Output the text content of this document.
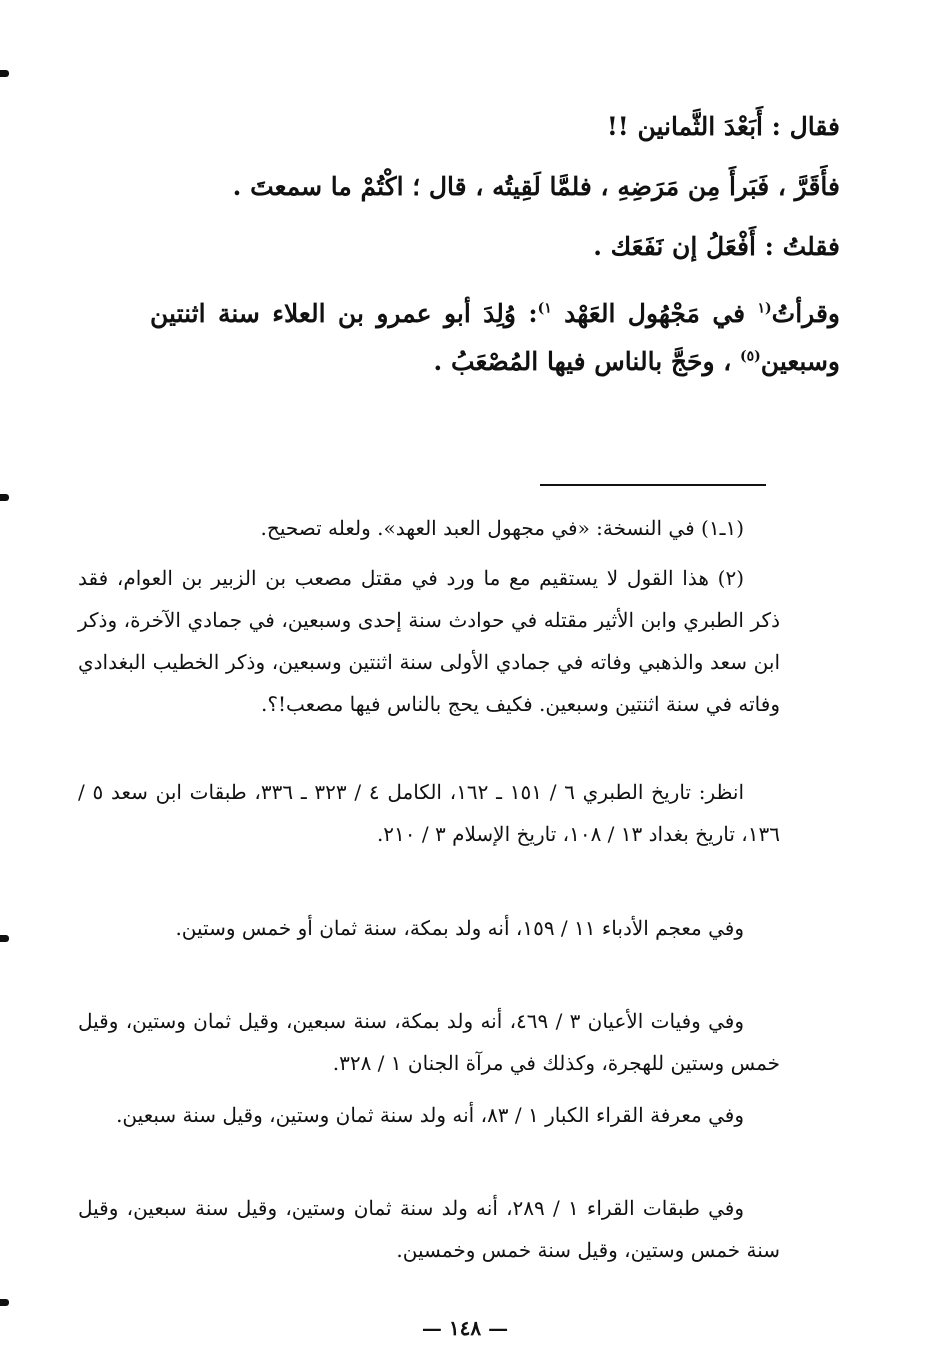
فقال : أَبَعْدَ الثَّمانين !!
فأَقَرَّ ، فَبَرأَ مِن مَرَضِهِ ، فلمَّا لَقِيتُه ، قال ؛ اكْتُمْ ما سمعتَ .
فقلتُ : أَفْعَلُ إن نَفَعَك .
وقرأتُ$^{(١}$ في مَجْهُول العَهْد $^{١)}$: وُلِدَ أبو عمرو بن العلاء سنة اثنتين وسبعين$^{(٥)}$ ، وحَجَّ بالناس فيها المُصْعَبُ .
(١ـ١) في النسخة: «في مجهول العبد العهد». ولعله تصحيح.
(٢) هذا القول لا يستقيم مع ما ورد في مقتل مصعب بن الزبير بن العوام، فقد ذكر الطبري وابن الأثير مقتله في حوادث سنة إحدى وسبعين، في جمادي الآخرة، وذكر ابن سعد والذهبي وفاته في جمادي الأولى سنة اثنتين وسبعين، وذكر الخطيب البغدادي وفاته في سنة اثنتين وسبعين. فكيف يحج بالناس فيها مصعب!؟.
انظر: تاريخ الطبري ٦ / ١٥١ ـ ١٦٢، الكامل ٤ / ٣٢٣ ـ ٣٣٦، طبقات ابن سعد ٥ / ١٣٦، تاريخ بغداد ١٣ / ١٠٨، تاريخ الإسلام ٣ / ٢١٠.
وفي معجم الأدباء ١١ / ١٥٩، أنه ولد بمكة، سنة ثمان أو خمس وستين.
وفي وفيات الأعيان ٣ / ٤٦٩، أنه ولد بمكة، سنة سبعين، وقيل ثمان وستين، وقيل خمس وستين للهجرة، وكذلك في مرآة الجنان ١ / ٣٢٨.
وفي معرفة القراء الكبار ١ / ٨٣، أنه ولد سنة ثمان وستين، وقيل سنة سبعين.
وفي طبقات القراء ١ / ٢٨٩، أنه ولد سنة ثمان وستين، وقيل سنة سبعين، وقيل سنة خمس وستين، وقيل سنة خمس وخمسين.
— ١٤٨ —
